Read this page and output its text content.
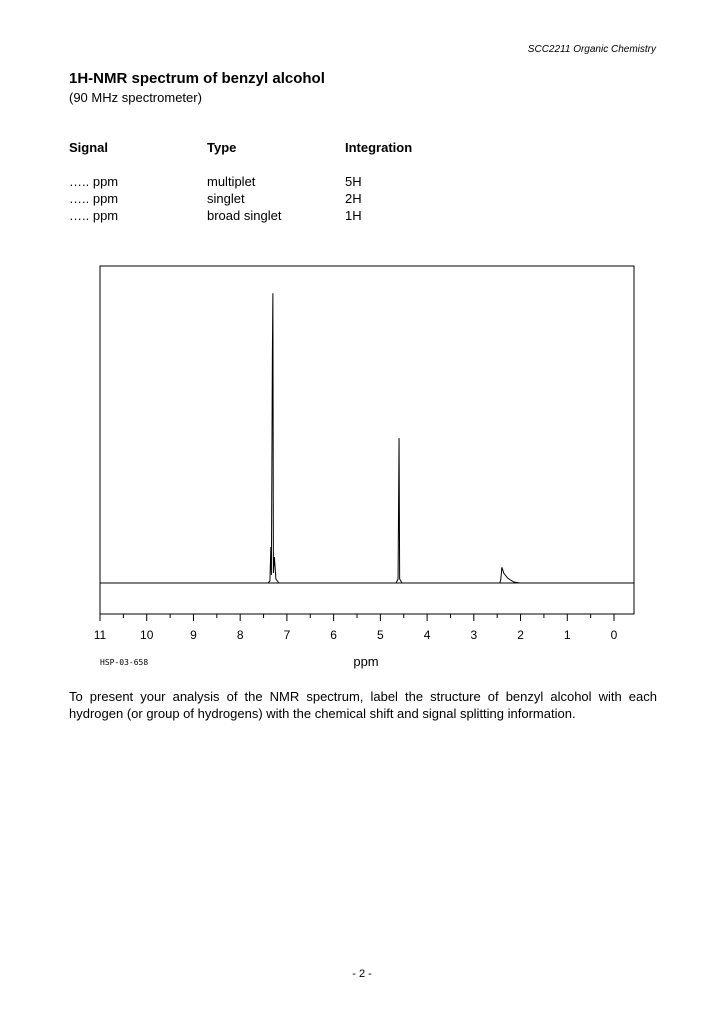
SCC2211 Organic Chemistry
1H-NMR spectrum of benzyl alcohol
(90 MHz spectrometer)
Signal	Type	Integration
….. ppm	multiplet	5H
….. ppm	singlet	2H
….. ppm	broad singlet	1H
11	10	9	8	7	6	5	4	3	2	1	0
ppm
HSP-03-658
To present your analysis of the NMR spectrum, label the structure of benzyl alcohol with each hydrogen (or group of hydrogens) with the chemical shift and signal splitting information.
- 2 -
